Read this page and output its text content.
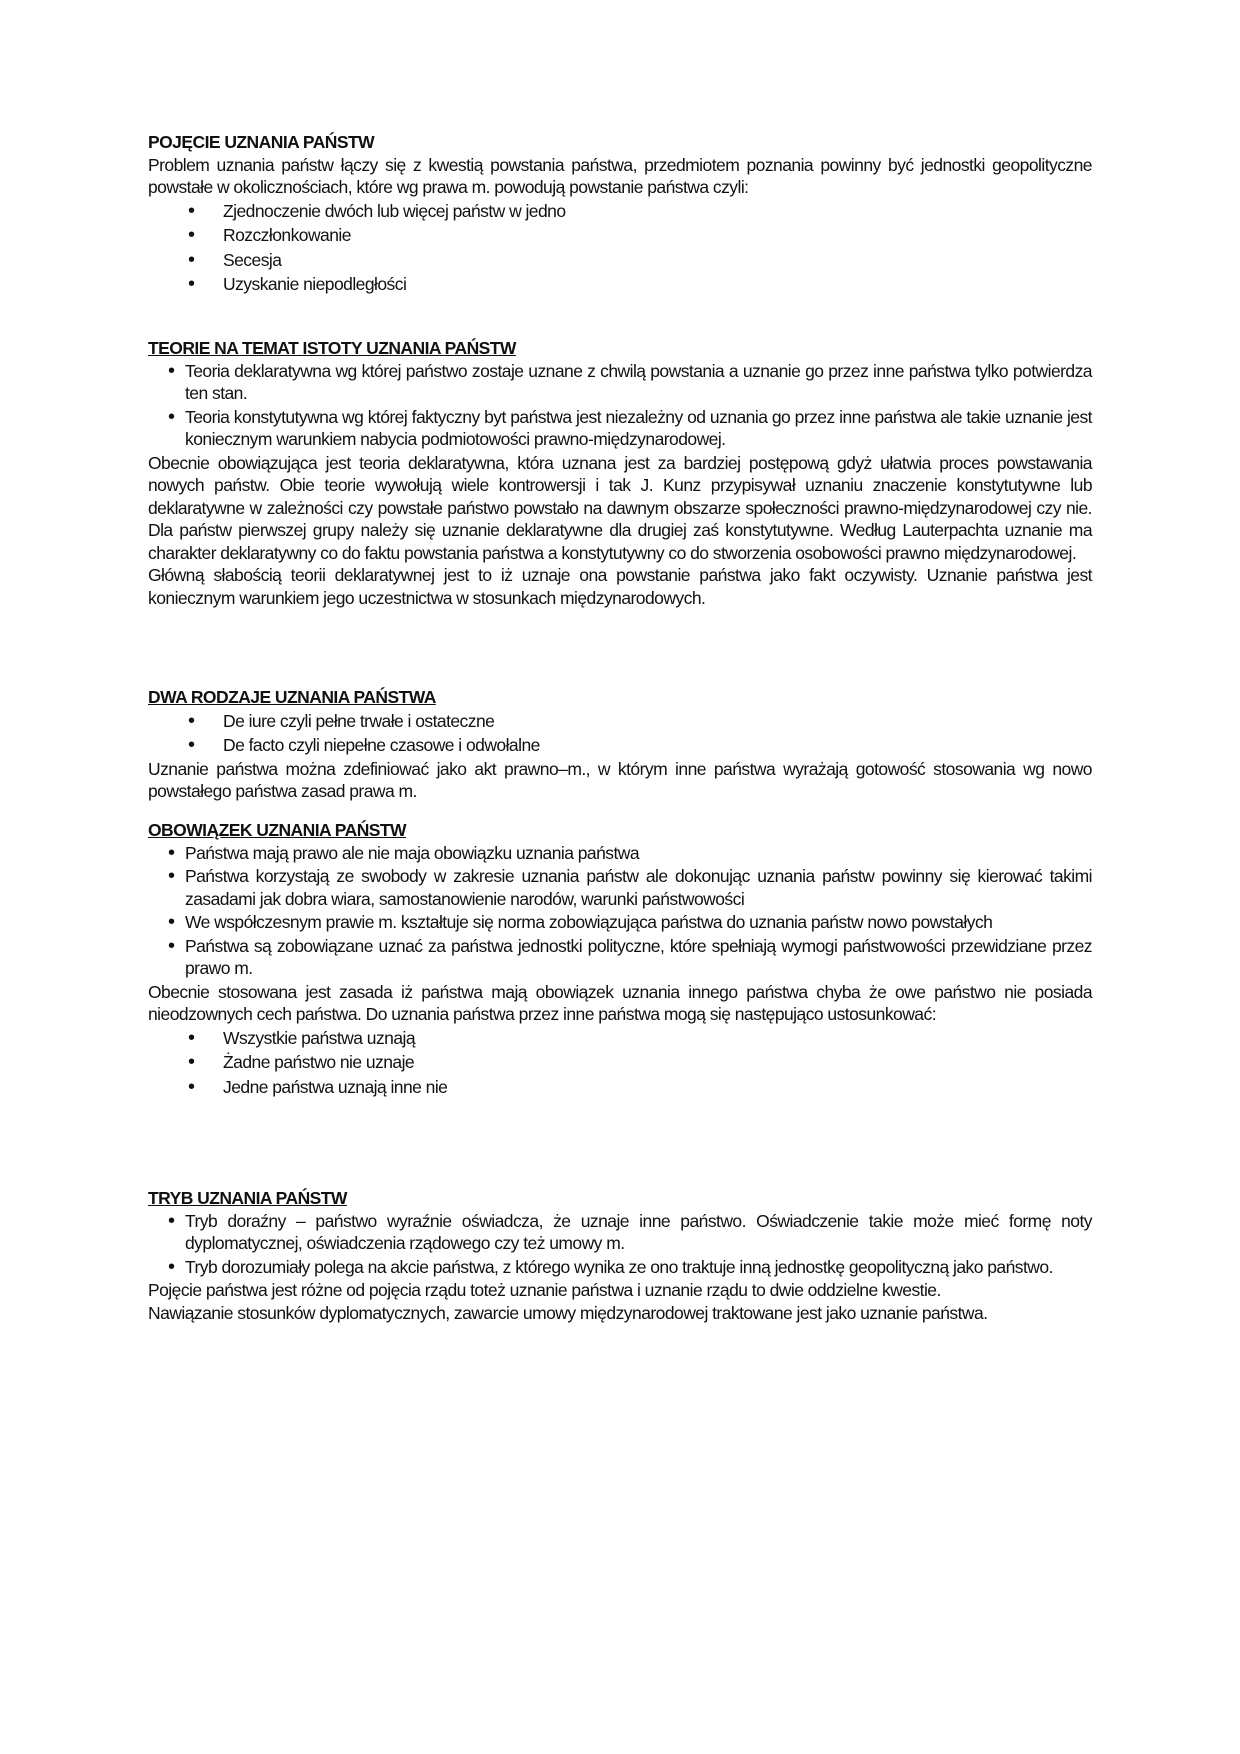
POJĘCIE UZNANIA PAŃSTW

Problem uznania państw łączy się z kwestią powstania państwa, przedmiotem poznania powinny być jednostki geopolityczne powstałe w okolicznościach, które wg prawa m. powodują powstanie państwa czyli:

• Zjednoczenie dwóch lub więcej państw w jedno
• Rozczłonkowanie
• Secesja
• Uzyskanie niepodległości
TEORIE NA TEMAT ISTOTY UZNANIA PAŃSTW
• Teoria deklaratywna wg której państwo zostaje uznane z chwilą powstania a uznanie go przez inne państwa tylko potwierdza ten stan.
• Teoria konstytutywna wg której faktyczny byt państwa jest niezależny od uznania go przez inne państwa ale takie uznanie jest koniecznym warunkiem nabycia podmiotowości prawno-międzynarodowej.

Obecnie obowiązująca jest teoria deklaratywna, która uznana jest za bardziej postępową gdyż ułatwia proces powstawania nowych państw. Obie teorie wywołują wiele kontrowersji i tak J. Kunz przypisywał uznaniu znaczenie konstytutywne lub deklaratywne w zależności czy powstałe państwo powstało na dawnym obszarze społeczności prawno-międzynarodowej czy nie. Dla państw pierwszej grupy należy się uznanie deklaratywne dla drugiej zaś konstytutywne. Według Lauterpachta uznanie ma charakter deklaratywny co do faktu powstania państwa a konstytutywny co do stworzenia osobowości prawno międzynarodowej.

Główną słabością teorii deklaratywnej jest to iż uznaje ona powstanie państwa jako fakt oczywisty. Uznanie państwa jest koniecznym warunkiem jego uczestnictwa w stosunkach międzynarodowych.

DWA RODZAJE UZNANIA PAŃSTWA
• De iure czyli pełne trwałe i ostateczne
• De facto czyli niepełne czasowe i odwołalne

Uznanie państwa można zdefiniować jako akt prawno–m., w którym inne państwa wyrażają gotowość stosowania wg nowo powstałego państwa zasad prawa m.

OBOWIĄZEK UZNANIA PAŃSTW
• Państwa mają prawo ale nie maja obowiązku uznania państwa
• Państwa korzystają ze swobody w zakresie uznania państw ale dokonując uznania państw powinny się kierować takimi zasadami jak dobra wiara, samostanowienie narodów, warunki państwowości
• We współczesnym prawie m. kształtuje się norma zobowiązująca państwa do uznania państw nowo powstałych
• Państwa są zobowiązane uznać za państwa jednostki polityczne, które spełniają wymogi państwowości przewidziane przez prawo m.

Obecnie stosowana jest zasada iż państwa mają obowiązek uznania innego państwa chyba że owe państwo nie posiada nieodzownych cech państwa. Do uznania państwa przez inne państwa mogą się następująco ustosunkować:

• Wszystkie państwa uznają
• Żadne państwo nie uznaje
• Jedne państwa uznają inne nie
TRYB UZNANIA PAŃSTW
• Tryb doraźny – państwo wyraźnie oświadcza, że uznaje inne państwo. Oświadczenie takie może mieć formę noty dyplomatycznej, oświadczenia rządowego czy też umowy m.
• Tryb dorozumiały polega na akcie państwa, z którego wynika ze ono traktuje inną jednostkę geopolityczną jako państwo.

Pojęcie państwa jest różne od pojęcia rządu toteż uznanie państwa i uznanie rządu to dwie oddzielne kwestie.

Nawiązanie stosunków dyplomatycznych, zawarcie umowy międzynarodowej traktowane jest jako uznanie państwa.
